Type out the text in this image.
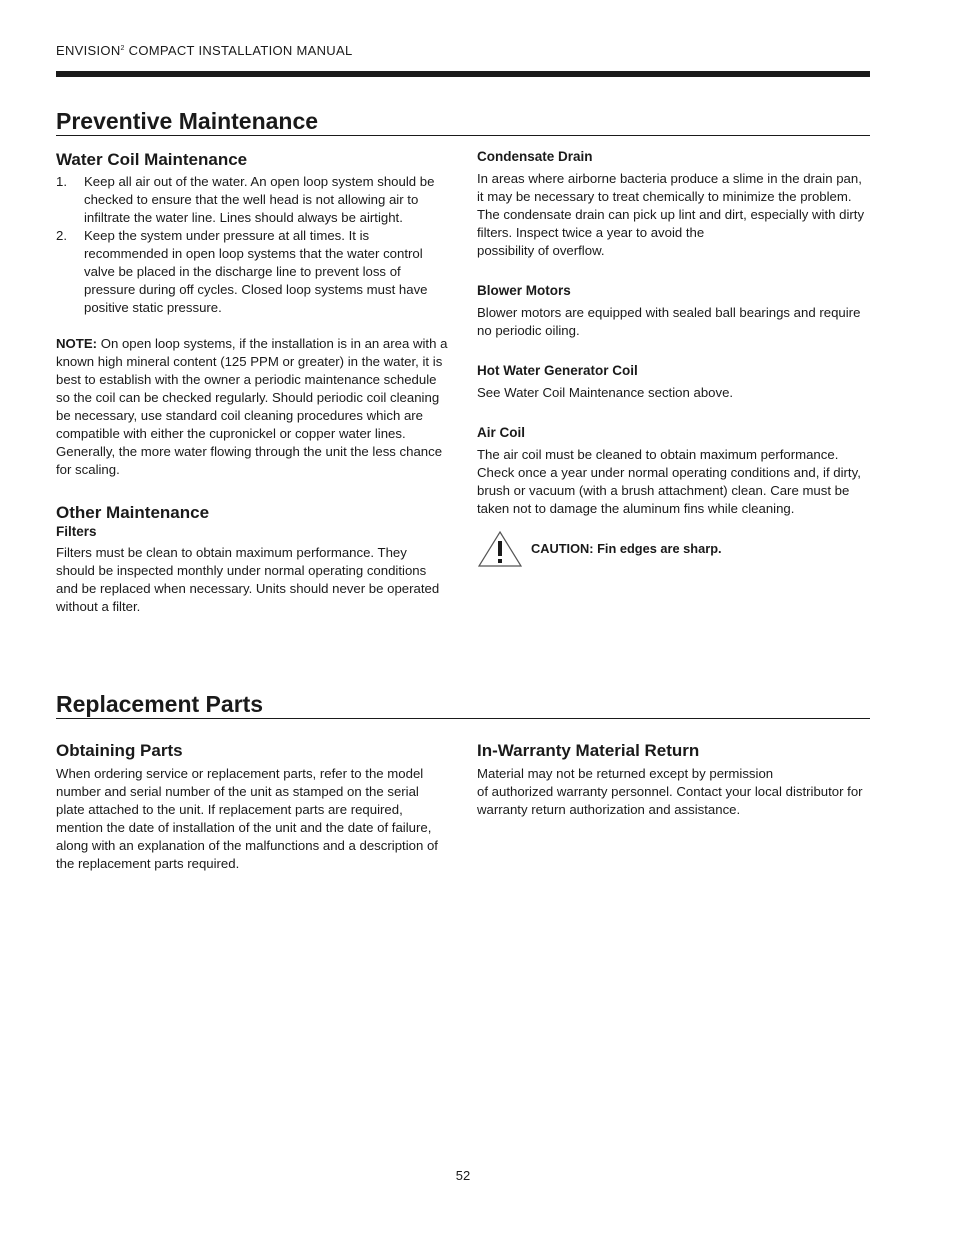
ENVISION$^2$ COMPACT INSTALLATION MANUAL
Preventive Maintenance
Water Coil Maintenance
1. Keep all air out of the water. An open loop system should be checked to ensure that the well head is not allowing air to infiltrate the water line. Lines should always be airtight.
2. Keep the system under pressure at all times. It is recommended in open loop systems that the water control valve be placed in the discharge line to prevent loss of pressure during off cycles. Closed loop systems must have positive static pressure.

NOTE: On open loop systems, if the installation is in an area with a known high mineral content (125 PPM or greater) in the water, it is best to establish with the owner a periodic maintenance schedule so the coil can be checked regularly. Should periodic coil cleaning be necessary, use standard coil cleaning procedures which are compatible with either the cupronickel or copper water lines. Generally, the more water flowing through the unit the less chance for scaling.

Other Maintenance
Filters

Filters must be clean to obtain maximum performance. They should be inspected monthly under normal operating conditions and be replaced when necessary. Units should never be operated without a filter.

Condensate Drain

In areas where airborne bacteria produce a slime in the drain pan, it may be necessary to treat chemically to minimize the problem. The condensate drain can pick up lint and dirt, especially with dirty filters. Inspect twice a year to avoid the

possibility of overflow.

Blower Motors

Blower motors are equipped with sealed ball bearings and require no periodic oiling.

Hot Water Generator Coil

See Water Coil Maintenance section above.

Air Coil

The air coil must be cleaned to obtain maximum performance. Check once a year under normal operating conditions and, if dirty, brush or vacuum (with a brush attachment) clean. Care must be taken not to damage the aluminum fins while cleaning.

CAUTION: Fin edges are sharp.
Replacement Parts
Obtaining Parts

When ordering service or replacement parts, refer to the model number and serial number of the unit as stamped on the serial plate attached to the unit. If replacement parts are required, mention the date of installation of the unit and the date of failure, along with an explanation of the malfunctions and a description of the replacement parts required.

In-Warranty Material Return

Material may not be returned except by permission

of authorized warranty personnel. Contact your local distributor for warranty return authorization and assistance.

52
